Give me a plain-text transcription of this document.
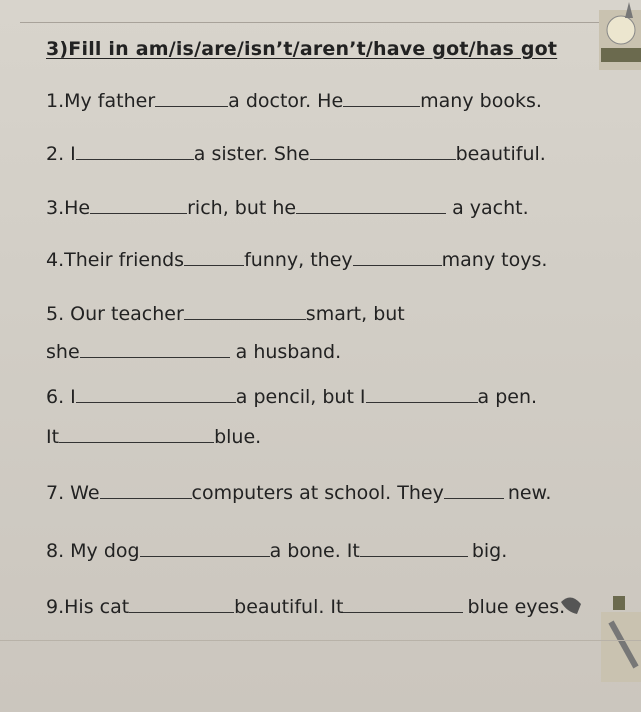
3)Fill in am/is/are/isn’t/aren’t/have got/has got
1.My father	a doctor. He	many books.
2. I	a sister. She	beautiful.
3.He	rich, but he	a yacht.
4.Their friends	funny, they	many toys.
5. Our teacher	smart, but
she	a husband.
6. I	a pencil, but I	a pen.
It	blue.
7. We	computers at school. They	new.
8. My dog	a bone. It	big.
9.His cat	beautiful. It	blue eyes.
